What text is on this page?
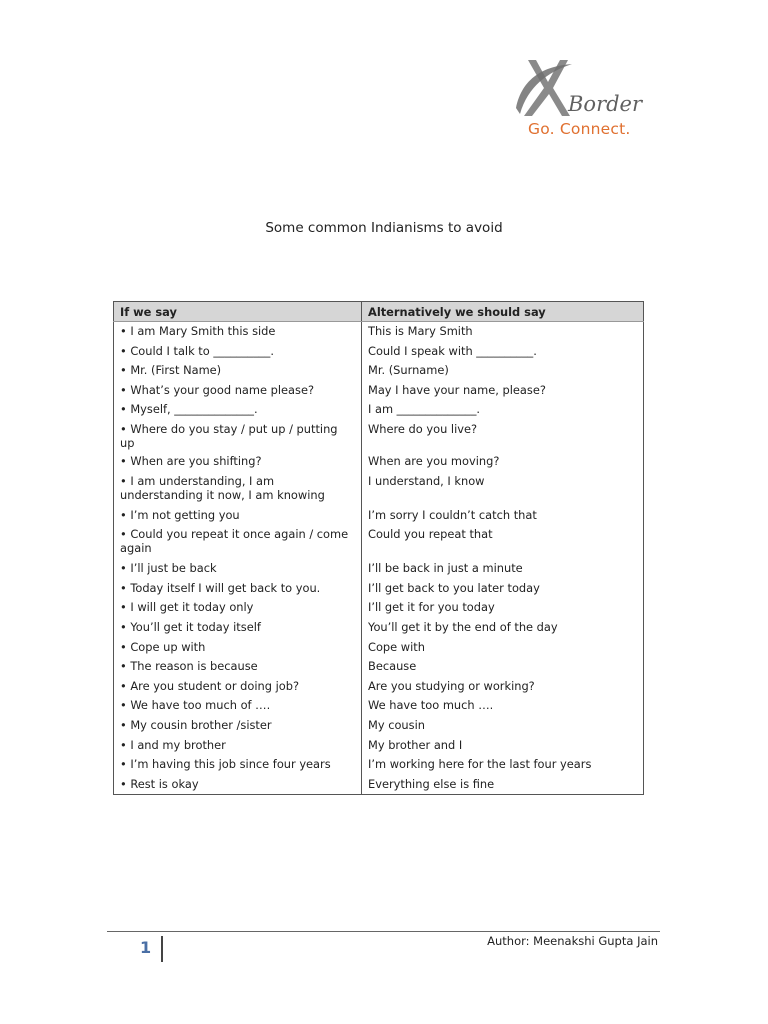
Border
Go. Connect.
Some common Indianisms to avoid
If we say	Alternatively we should say
• I am Mary Smith this side	This is Mary Smith
• Could I talk to __________.	Could I speak with __________.
• Mr. (First Name)	Mr. (Surname)
• What’s your good name please?	May I have your name, please?
• Myself, ______________.	I am ______________.
• Where do you stay / put up / putting up	Where do you live?
• When are you shifting?	When are you moving?
• I am understanding, I am understanding it now, I am knowing	I understand, I know
• I’m not getting you	I’m sorry I couldn’t catch that
• Could you repeat it once again / come again	Could you repeat that
• I’ll just be back	I’ll be back in just a minute
• Today itself I will get back to you.	I’ll get back to you later today
• I will get it today only	I’ll get it for you today
• You’ll get it today itself	You’ll get it by the end of the day
• Cope up with	Cope with
• The reason is because	Because
• Are you student or doing job?	Are you studying or working?
• We have too much of ….	We have too much ….
• My cousin brother /sister	My cousin
• I and my brother	My brother and I
• I’m having this job since four years	I’m working here for the last four years
• Rest is okay	Everything else is fine
1	Author: Meenakshi Gupta Jain
